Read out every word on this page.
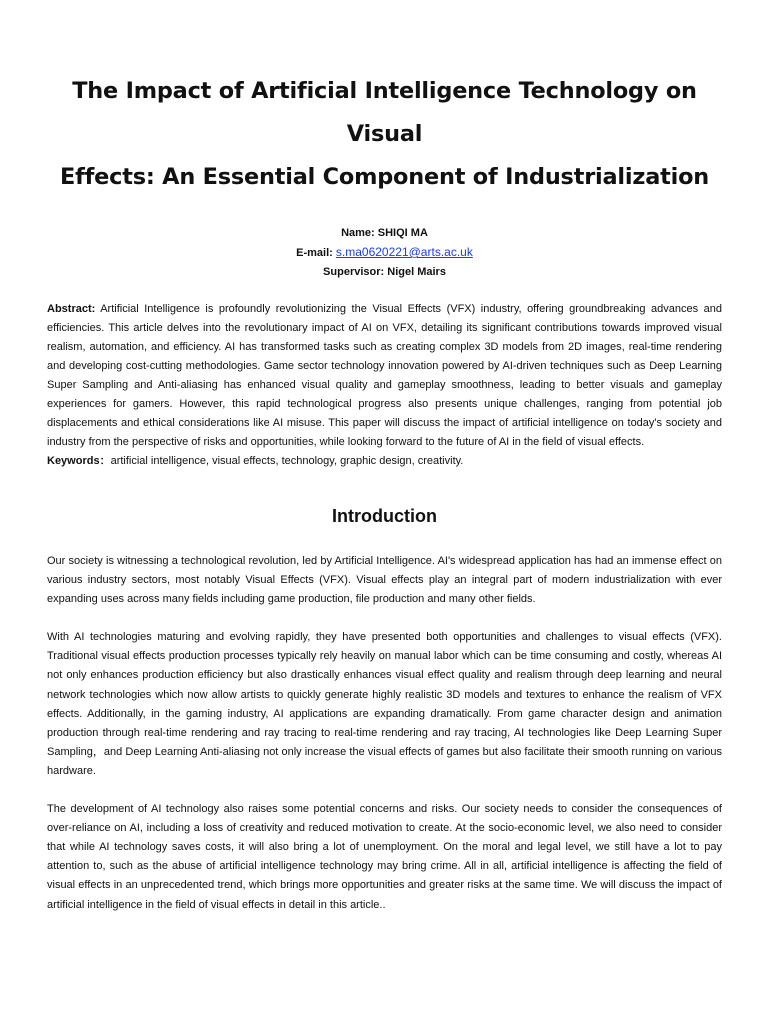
The Impact of Artificial Intelligence Technology on Visual
Effects: An Essential Component of Industrialization
Name: SHIQI MA
E-mail: s.ma0620221@arts.ac.uk
Supervisor: Nigel Mairs
Abstract: Artificial Intelligence is profoundly revolutionizing the Visual Effects (VFX) industry, offering groundbreaking advances and efficiencies. This article delves into the revolutionary impact of AI on VFX, detailing its significant contributions towards improved visual realism, automation, and efficiency. AI has transformed tasks such as creating complex 3D models from 2D images, real-time rendering and developing cost-cutting methodologies. Game sector technology innovation powered by AI-driven techniques such as Deep Learning Super Sampling and Anti-aliasing has enhanced visual quality and gameplay smoothness, leading to better visuals and gameplay experiences for gamers. However, this rapid technological progress also presents unique challenges, ranging from potential job displacements and ethical considerations like AI misuse. This paper will discuss the impact of artificial intelligence on today's society and industry from the perspective of risks and opportunities, while looking forward to the future of AI in the field of visual effects.
Keywords：artificial intelligence, visual effects, technology, graphic design, creativity.
Introduction

Our society is witnessing a technological revolution, led by Artificial Intelligence. AI's widespread application has had an immense effect on various industry sectors, most notably Visual Effects (VFX). Visual effects play an integral part of modern industrialization with ever expanding uses across many fields including game production, file production and many other fields.

With AI technologies maturing and evolving rapidly, they have presented both opportunities and challenges to visual effects (VFX). Traditional visual effects production processes typically rely heavily on manual labor which can be time consuming and costly, whereas AI not only enhances production efficiency but also drastically enhances visual effect quality and realism through deep learning and neural network technologies which now allow artists to quickly generate highly realistic 3D models and textures to enhance the realism of VFX effects. Additionally, in the gaming industry, AI applications are expanding dramatically. From game character design and animation production through real-time rendering and ray tracing to real-time rendering and ray tracing, AI technologies like Deep Learning Super Sampling，and Deep Learning Anti-aliasing not only increase the visual effects of games but also facilitate their smooth running on various hardware.

The development of AI technology also raises some potential concerns and risks. Our society needs to consider the consequences of over-reliance on AI, including a loss of creativity and reduced motivation to create. At the socio-economic level, we also need to consider that while AI technology saves costs, it will also bring a lot of unemployment. On the moral and legal level, we still have a lot to pay attention to, such as the abuse of artificial intelligence technology may bring crime. All in all, artificial intelligence is affecting the field of visual effects in an unprecedented trend, which brings more opportunities and greater risks at the same time. We will discuss the impact of artificial intelligence in the field of visual effects in detail in this article..
